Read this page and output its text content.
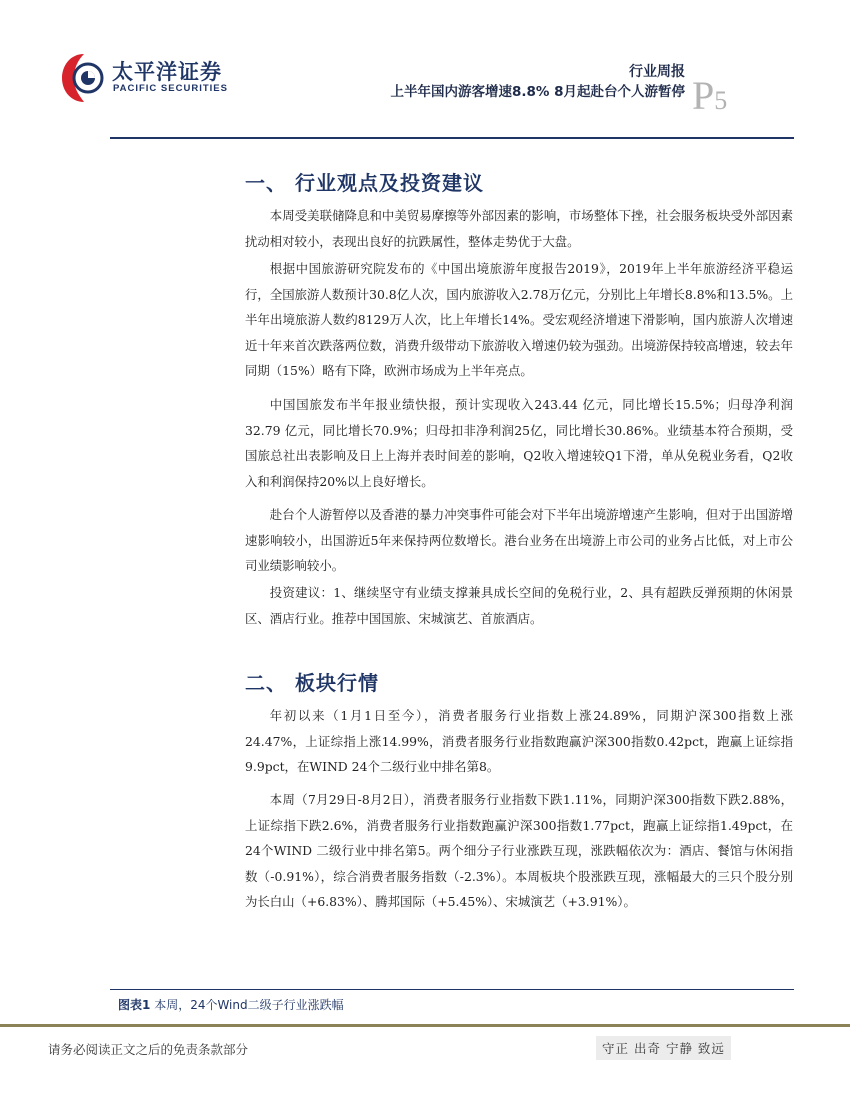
太平洋证券
PACIFIC SECURITIES
行业周报
上半年国内游客增速8.8% 8月起赴台个人游暂停 P5
一、 行业观点及投资建议
本周受美联储降息和中美贸易摩擦等外部因素的影响，市场整体下挫，社会服务板块受外部因素扰动相对较小，表现出良好的抗跌属性，整体走势优于大盘。
根据中国旅游研究院发布的《中国出境旅游年度报告2019》，2019年上半年旅游经济平稳运行，全国旅游人数预计30.8亿人次，国内旅游收入2.78万亿元，分别比上年增长8.8%和13.5%。上半年出境旅游人数约8129万人次，比上年增长14%。受宏观经济增速下滑影响，国内旅游人次增速近十年来首次跌落两位数，消费升级带动下旅游收入增速仍较为强劲。出境游保持较高增速，较去年同期（15%）略有下降，欧洲市场成为上半年亮点。
中国国旅发布半年报业绩快报，预计实现收入243.44 亿元，同比增长15.5%；归母净利润32.79 亿元，同比增长70.9%；归母扣非净利润25亿，同比增长30.86%。业绩基本符合预期，受国旅总社出表影响及日上上海并表时间差的影响，Q2收入增速较Q1下滑，单从免税业务看，Q2收入和利润保持20%以上良好增长。
赴台个人游暂停以及香港的暴力冲突事件可能会对下半年出境游增速产生影响，但对于出国游增速影响较小，出国游近5年来保持两位数增长。港台业务在出境游上市公司的业务占比低，对上市公司业绩影响较小。
投资建议：1、继续坚守有业绩支撑兼具成长空间的免税行业，2、具有超跌反弹预期的休闲景区、酒店行业。推荐中国国旅、宋城演艺、首旅酒店。
二、 板块行情
年初以来（1月1日至今），消费者服务行业指数上涨24.89%，同期沪深300指数上涨24.47%，上证综指上涨14.99%，消费者服务行业指数跑赢沪深300指数0.42pct，跑赢上证综指9.9pct，在WIND 24个二级行业中排名第8。
本周（7月29日-8月2日），消费者服务行业指数下跌1.11%，同期沪深300指数下跌2.88%，上证综指下跌2.6%，消费者服务行业指数跑赢沪深300指数1.77pct，跑赢上证综指1.49pct，在24个WIND 二级行业中排名第5。两个细分子行业涨跌互现，涨跌幅依次为：酒店、餐馆与休闲指数（-0.91%），综合消费者服务指数（-2.3%）。本周板块个股涨跌互现，涨幅最大的三只个股分别为长白山（+6.83%）、腾邦国际（+5.45%）、宋城演艺（+3.91%）。
图表1 本周，24个Wind二级子行业涨跌幅
请务必阅读正文之后的免责条款部分	守正 出奇 宁静 致远
